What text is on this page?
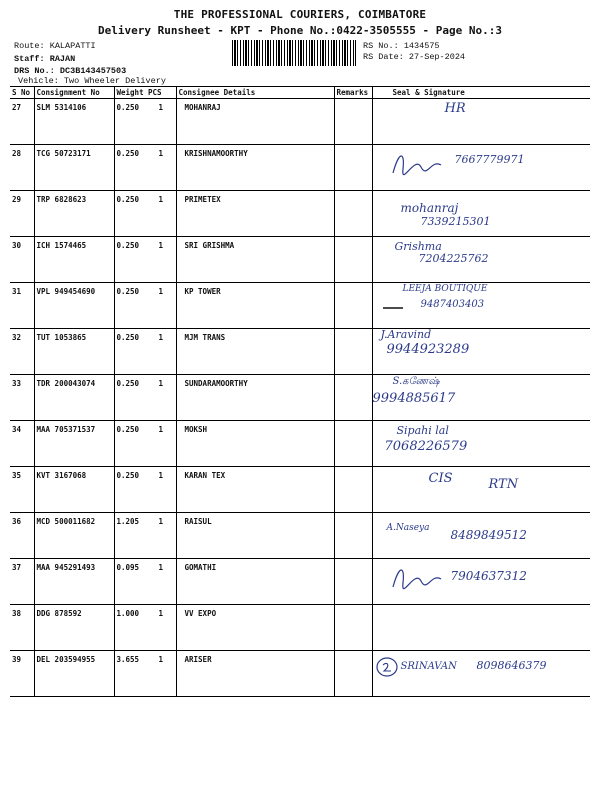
THE PROFESSIONAL COURIERS, COIMBATORE
Delivery Runsheet - KPT - Phone No.:0422-3505555 - Page No.:3
Route: KALAPATTI
Staff: RAJAN
DRS No.: DC3B143457503
Vehicle: Two Wheeler Delivery
RS No.: 1434575
RS Date: 27-Sep-2024
S No	Consignment No	Weight	PCS	Consignee Details	Remarks	Seal & Signature
27	SLM 5314106	0.250	1	MOHANRAJ		HR

28	TCG 50723171	0.250	1	KRISHNAMOORTHY		7667779971

29	TRP 6828623	0.250	1	PRIMETEX		mohanraj
7339215301

30	ICH 1574465	0.250	1	SRI GRISHMA		Grishma
7204225762

31	VPL 949454690	0.250	1	KP TOWER		LEEJA BOUTIQUE
9487403403

32	TUT 1053865	0.250	1	MJM TRANS		J.Aravind
9944923289

33	TDR 200043074	0.250	1	SUNDARAMOORTHY		S.கணேஷ்
9994885617

34	MAA 705371537	0.250	1	MOKSH		Sipahi lal
7068226579

35	KVT 3167068	0.250	1	KARAN TEX		CIS RTN

36	MCD 500011682	1.205	1	RAISUL		A.Naseya 8489849512

37	MAA 945291493	0.095	1	GOMATHI		7904637312

38	DDG 878592	1.000	1	VV EXPO		

39	DEL 203594955	3.655	1	ARISER		SRINAVAN 8098646379
